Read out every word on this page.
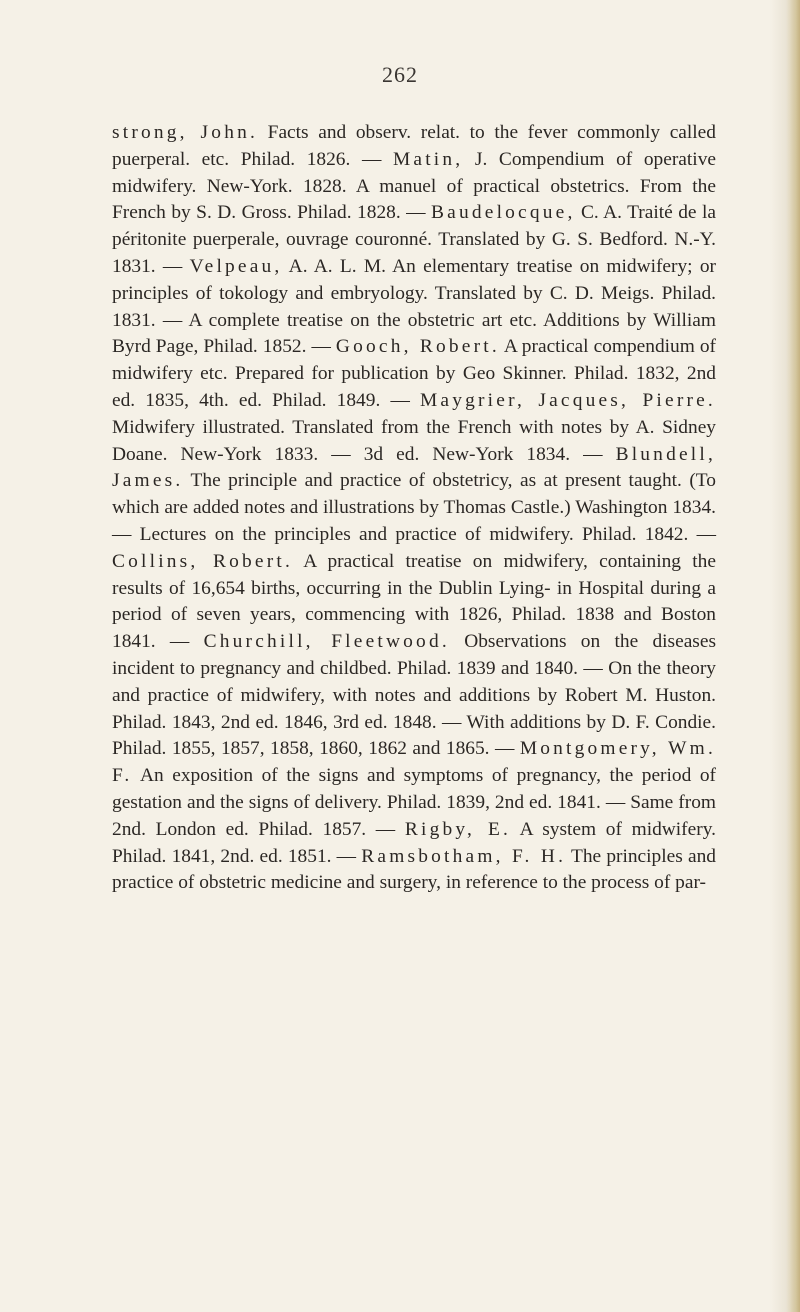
262

strong, John. Facts and observ. relat. to the fever commonly called puerperal. etc. Philad. 1826. — Matin, J. Compendium of operative midwifery. New-York. 1828. A manuel of practical obstetrics. From the French by S. D. Gross. Philad. 1828. — Baudelocque, C. A. Traité de la péritonite puerperale, ouvrage couronné. Translated by G. S. Bedford. N.-Y. 1831. — Velpeau, A. A. L. M. An elementary treatise on midwifery; or principles of tokology and embryology. Translated by C. D. Meigs. Philad. 1831. — A complete treatise on the obstetric art etc. Additions by William Byrd Page, Philad. 1852. — Gooch, Robert. A practical compendium of midwifery etc. Prepared for publication by Geo Skinner. Philad. 1832, 2nd ed. 1835, 4th. ed. Philad. 1849. — Maygrier, Jacques, Pierre. Midwifery illustrated. Translated from the French with notes by A. Sidney Doane. New-York 1833. — 3d ed. New-York 1834. — Blundell, James. The principle and practice of obstetricy, as at present taught. (To which are added notes and illustrations by Thomas Castle.) Washington 1834. — Lectures on the principles and practice of midwifery. Philad. 1842. — Collins, Robert. A practical treatise on midwifery, containing the results of 16,654 births, occurring in the Dublin Lying- in Hospital during a period of seven years, commencing with 1826, Philad. 1838 and Boston 1841. — Churchill, Fleetwood. Observations on the diseases incident to pregnancy and childbed. Philad. 1839 and 1840. — On the theory and practice of midwifery, with notes and additions by Robert M. Huston. Philad. 1843, 2nd ed. 1846, 3rd ed. 1848. — With additions by D. F. Condie. Philad. 1855, 1857, 1858, 1860, 1862 and 1865. — Montgomery, Wm. F. An exposition of the signs and symptoms of pregnancy, the period of gestation and the signs of delivery. Philad. 1839, 2nd ed. 1841. — Same from 2nd. London ed. Philad. 1857. — Rigby, E. A system of midwifery. Philad. 1841, 2nd. ed. 1851. — Ramsbotham, F. H. The principles and practice of obstetric medicine and surgery, in reference to the process of par-
